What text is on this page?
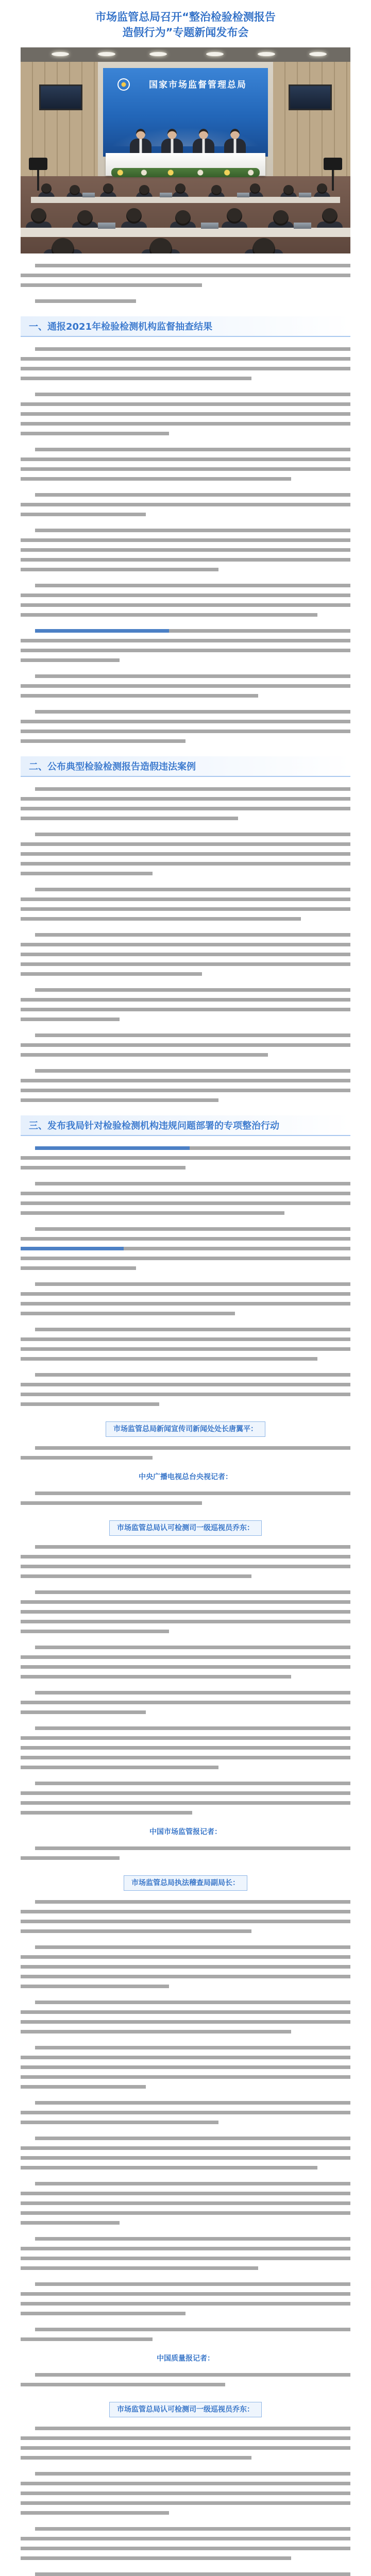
市场监管总局召开“整治检验检测报告
造假行为”专题新闻发布会
国家市场监督管理总局
一、通报2021年检验检测机构监督抽查结果
二、公布典型检验检测报告造假违法案例
三、发布我局针对检验检测机构违规问题部署的专项整治行动
市场监管总局新闻宣传司新闻处处长唐翼平：
中央广播电视总台央视记者：
市场监管总局认可检测司一级巡视员乔东：
中国市场监管报记者：
市场监管总局执法稽查局副局长：
中国质量报记者：
市场监管总局认可检测司一级巡视员乔东：
